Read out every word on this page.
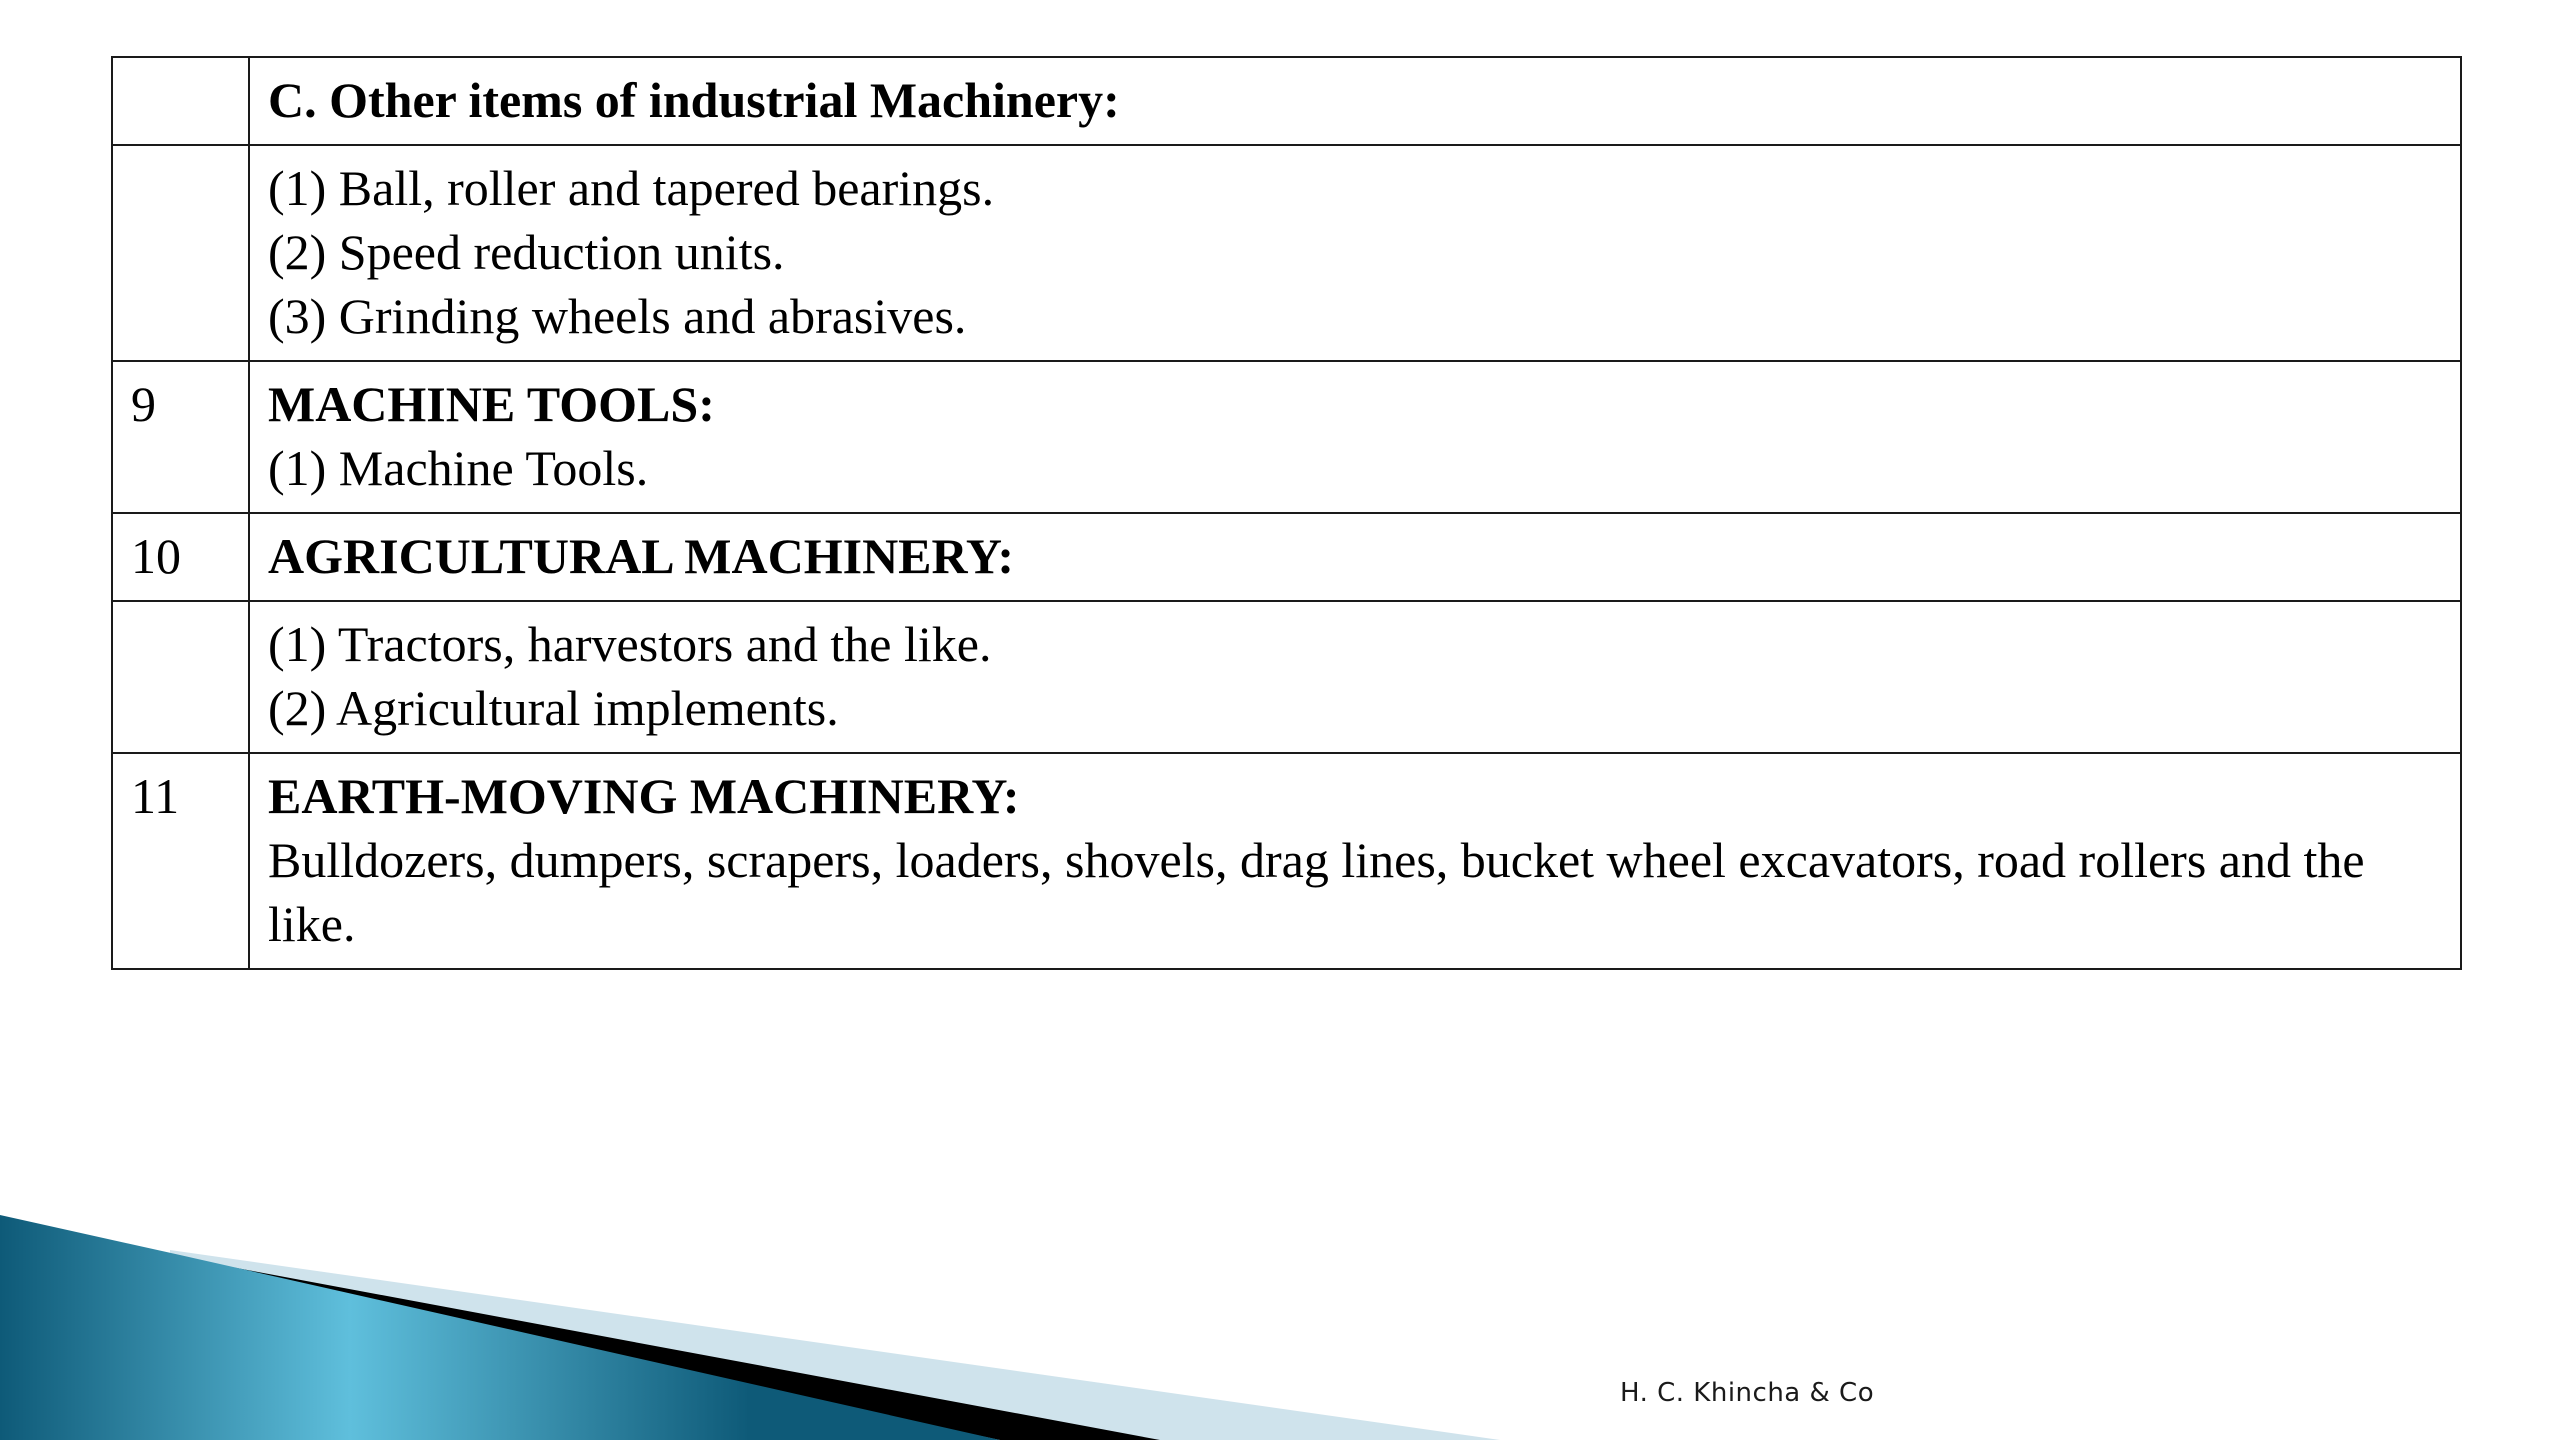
	C. Other items of industrial Machinery:

	(1) Ball, roller and tapered bearings.
(2) Speed reduction units.
(3) Grinding wheels and abrasives.

9	MACHINE TOOLS:
(1) Machine Tools.

10	AGRICULTURAL MACHINERY:

	(1) Tractors, harvestors and the like.
(2) Agricultural implements.

11	EARTH-MOVING MACHINERY:
Bulldozers, dumpers, scrapers, loaders, shovels, drag lines, bucket wheel excavators, road rollers and the like.
H. C. Khincha & Co
